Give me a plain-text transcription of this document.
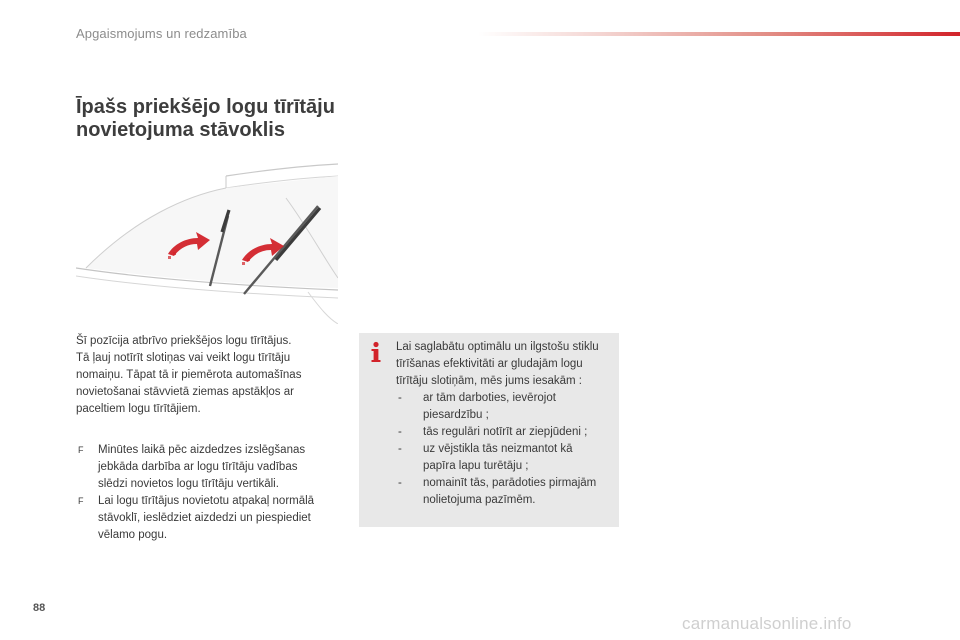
Apgaismojums un redzamība
Īpašs priekšējo logu tīrītāju
novietojuma stāvoklis

Šī pozīcija atbrīvo priekšējos logu tīrītājus.
Tā ļauj notīrīt slotiņas vai veikt logu tīrītāju
nomaiņu. Tāpat tā ir piemērota automašīnas
novietošanai stāvvietā ziemas apstākļos ar
paceltiem logu tīrītājiem.

F Minūtes laikā pēc aizdedzes izslēgšanas
jebkāda darbība ar logu tīrītāju vadības
slēdzi novietos logu tīrītāju vertikāli.
F Lai logu tīrītājus novietotu atpakaļ normālā
stāvoklī, ieslēdziet aizdedzi un piespiediet
vēlamo pogu.
Lai saglabātu optimālu un ilgstošu stiklu
tīrīšanas efektivitāti ar gludajām logu
tīrītāju slotiņām, mēs jums iesakām :
- ar tām darboties, ievērojot
piesardzību ;
- tās regulāri notīrīt ar ziepjūdeni ;
- uz vējstikla tās neizmantot kā
papīra lapu turētāju ;
- nomainīt tās, parādoties pirmajām
nolietojuma pazīmēm.
88
carmanualsonline.info
